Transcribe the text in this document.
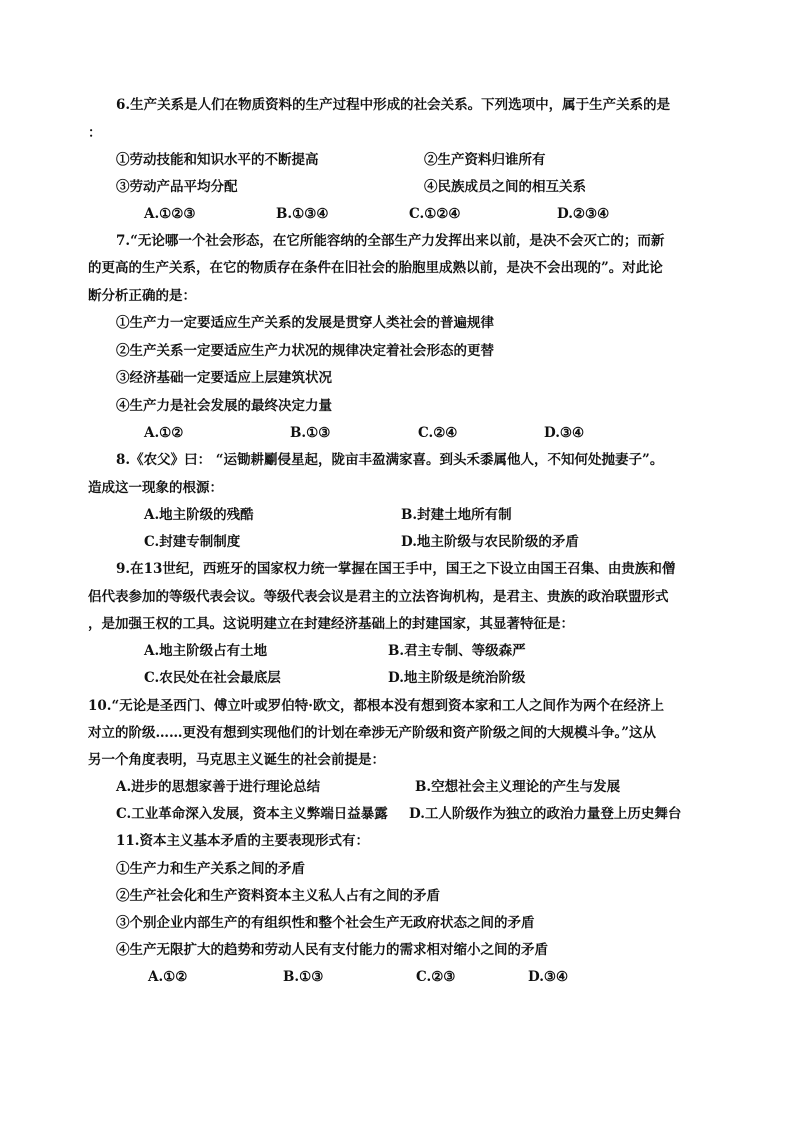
6.生产关系是人们在物质资料的生产过程中形成的社会关系。下列选项中，属于生产关系的是
：
①劳动技能和知识水平的不断提高	②生产资料归谁所有
③劳动产品平均分配	④民族成员之间的相互关系
A.①②③	B.①③④	C.①②④	D.②③④
7.“无论哪一个社会形态，在它所能容纳的全部生产力发挥出来以前，是决不会灭亡的；而新
的更高的生产关系，在它的物质存在条件在旧社会的胎胞里成熟以前，是决不会出现的”。对此论
断分析正确的是：
①生产力一定要适应生产关系的发展是贯穿人类社会的普遍规律
②生产关系一定要适应生产力状况的规律决定着社会形态的更替
③经济基础一定要适应上层建筑状况
④生产力是社会发展的最终决定力量
A.①②	B.①③	C.②④	D.③④
8.《农父》曰： “运锄耕劚侵星起，陇亩丰盈满家喜。到头禾黍属他人，不知何处抛妻子”。
造成这一现象的根源：
A.地主阶级的残酷	B.封建土地所有制
C.封建专制制度	D.地主阶级与农民阶级的矛盾
9.在13世纪，西班牙的国家权力统一掌握在国王手中，国王之下设立由国王召集、由贵族和僧
侣代表参加的等级代表会议。等级代表会议是君主的立法咨询机构，是君主、贵族的政治联盟形式
，是加强王权的工具。这说明建立在封建经济基础上的封建国家，其显著特征是：
A.地主阶级占有土地	B.君主专制、等级森严
C.农民处在社会最底层	D.地主阶级是统治阶级
10.“无论是圣西门、傅立叶或罗伯特·欧文，都根本没有想到资本家和工人之间作为两个在经济上
对立的阶级……更没有想到实现他们的计划在牵涉无产阶级和资产阶级之间的大规模斗争。”这从
另一个角度表明，马克思主义诞生的社会前提是：
A.进步的思想家善于进行理论总结	B.空想社会主义理论的产生与发展
C.工业革命深入发展，资本主义弊端日益暴露 D.工人阶级作为独立的政治力量登上历史舞台
11.资本主义基本矛盾的主要表现形式有：
①生产力和生产关系之间的矛盾
②生产社会化和生产资料资本主义私人占有之间的矛盾
③个别企业内部生产的有组织性和整个社会生产无政府状态之间的矛盾
④生产无限扩大的趋势和劳动人民有支付能力的需求相对缩小之间的矛盾
A.①②	B.①③	C.②③	D.③④
